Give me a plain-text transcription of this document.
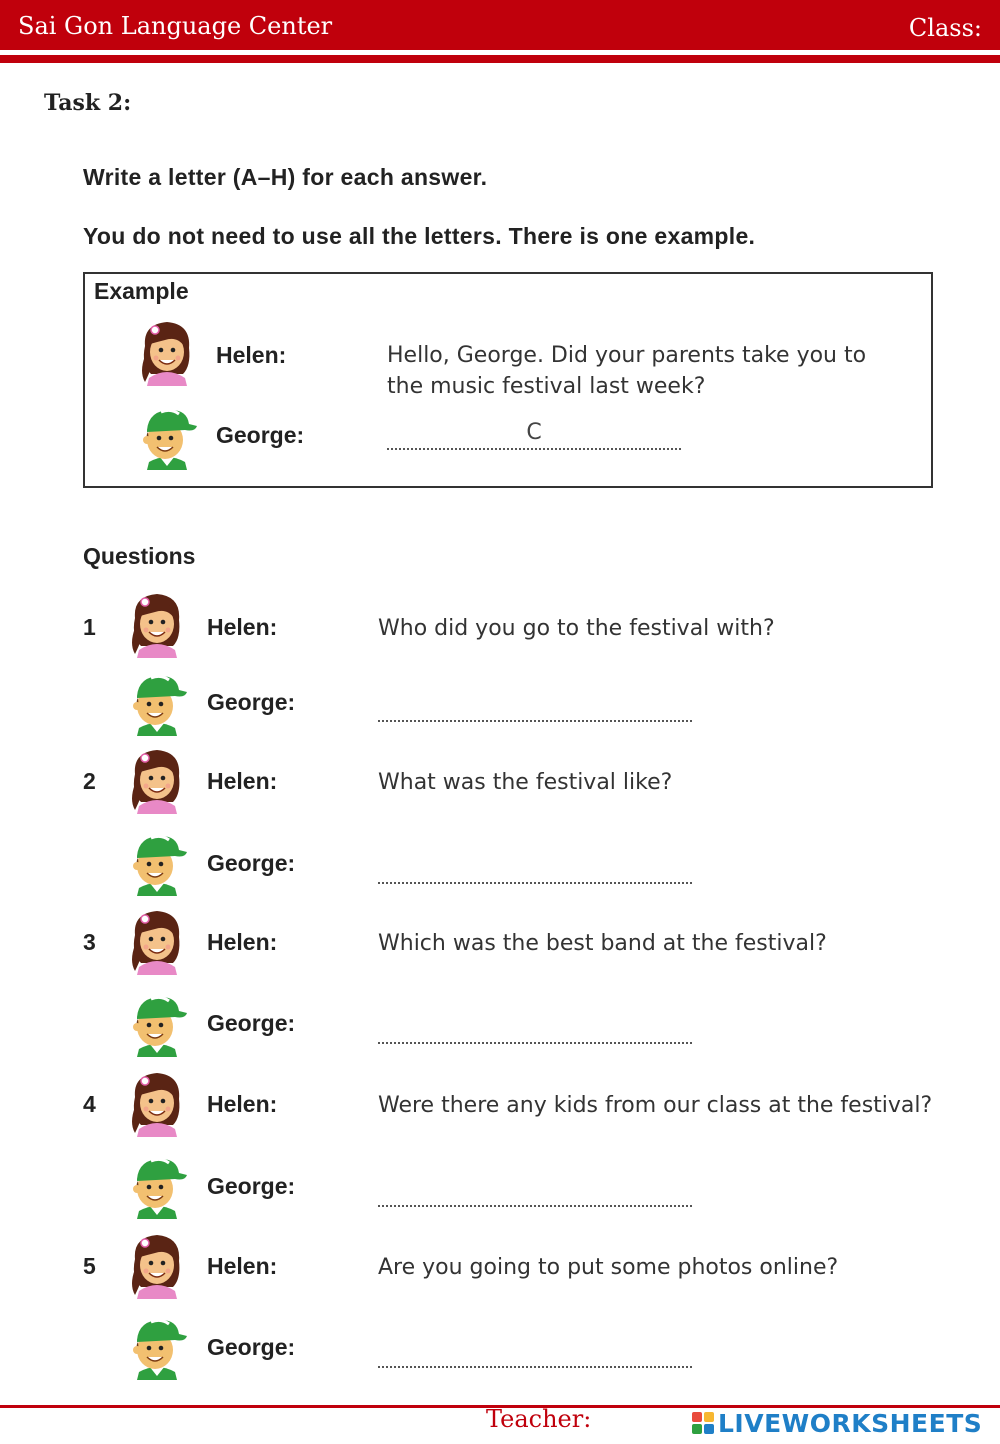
Sai Gon Language Center	Class:
Task 2:
Write a letter (A–H) for each answer.
You do not need to use all the letters. There is one example.
Example
Helen:	Hello, George. Did your parents take you to
the music festival last week?
George:	C
Questions
1	Helen:	Who did you go to the festival with?
George:
2	Helen:	What was the festival like?
George:
3	Helen:	Which was the best band at the festival?
George:
4	Helen:	Were there any kids from our class at the festival?
George:
5	Helen:	Are you going to put some photos online?
George:
Teacher:	LIVEWORKSHEETS
